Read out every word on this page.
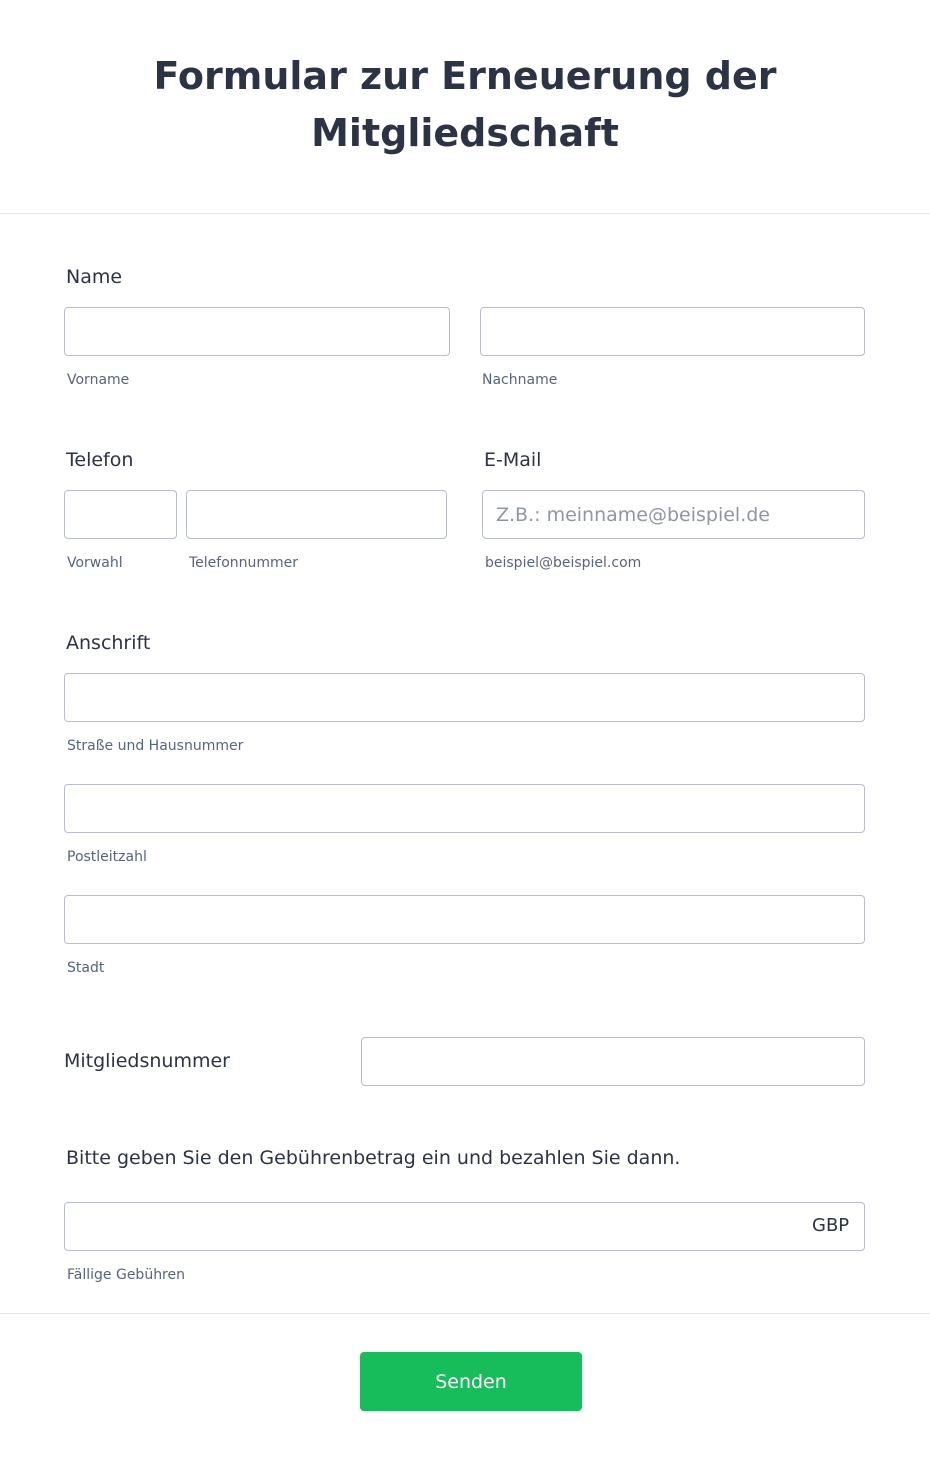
Formular zur Erneuerung der Mitgliedschaft
Name
Vorname	Nachname
Telefon
Vorwahl	Telefonnummer
E-Mail
Z.B.: meinname@beispiel.de
beispiel@beispiel.com
Anschrift
Straße und Hausnummer
Postleitzahl
Stadt
Mitgliedsnummer
Bitte geben Sie den Gebührenbetrag ein und bezahlen Sie dann.
GBP
Fällige Gebühren
Senden
